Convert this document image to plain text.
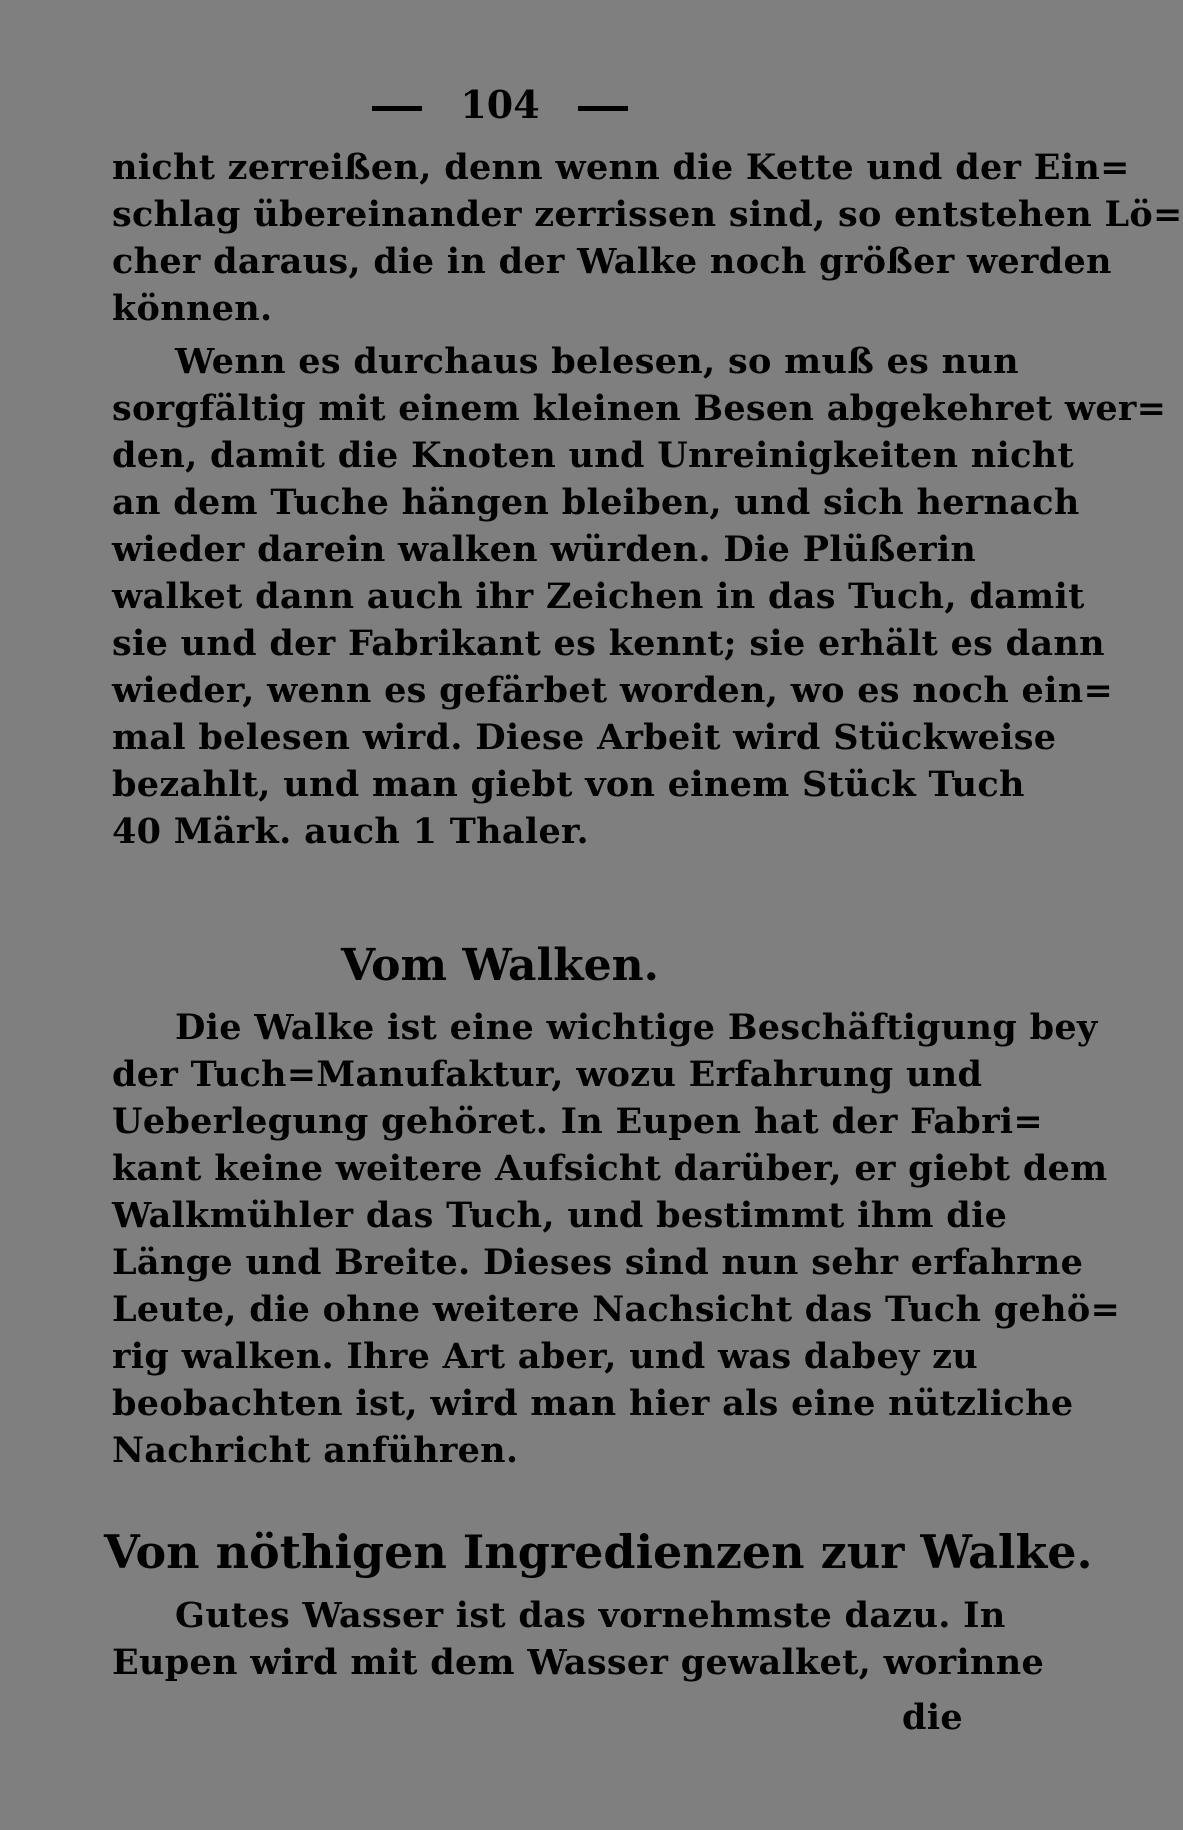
104
nicht zerreißen, denn wenn die Kette und der Ein=
schlag übereinander zerrissen sind, so entstehen Lö=
cher daraus, die in der Walke noch größer werden
können.
Wenn es durchaus belesen, so muß es nun
sorgfältig mit einem kleinen Besen abgekehret wer=
den, damit die Knoten und Unreinigkeiten nicht
an dem Tuche hängen bleiben, und sich hernach
wieder darein walken würden. Die Plüßerin
walket dann auch ihr Zeichen in das Tuch, damit
sie und der Fabrikant es kennt; sie erhält es dann
wieder, wenn es gefärbet worden, wo es noch ein=
mal belesen wird. Diese Arbeit wird Stückweise
bezahlt, und man giebt von einem Stück Tuch
40 Märk. auch 1 Thaler.
Vom Walken.
Die Walke ist eine wichtige Beschäftigung bey
der Tuch=Manufaktur, wozu Erfahrung und
Ueberlegung gehöret. In Eupen hat der Fabri=
kant keine weitere Aufsicht darüber, er giebt dem
Walkmühler das Tuch, und bestimmt ihm die
Länge und Breite. Dieses sind nun sehr erfahrne
Leute, die ohne weitere Nachsicht das Tuch gehö=
rig walken. Ihre Art aber, und was dabey zu
beobachten ist, wird man hier als eine nützliche
Nachricht anführen.
Von nöthigen Ingredienzen zur Walke.
Gutes Wasser ist das vornehmste dazu. In
Eupen wird mit dem Wasser gewalket, worinne
die
